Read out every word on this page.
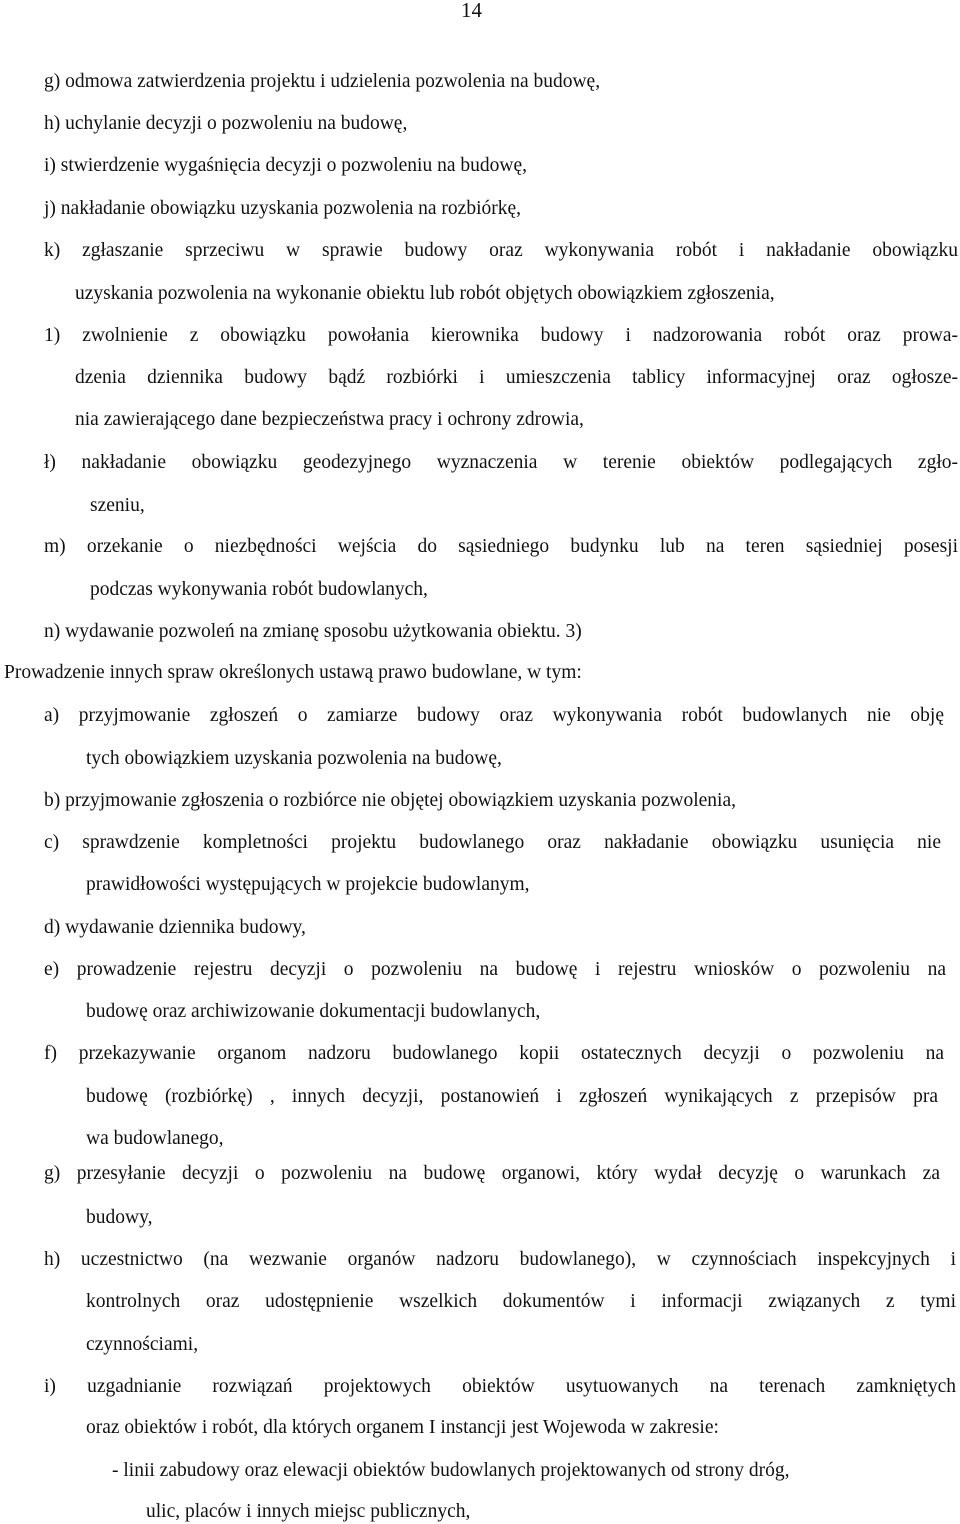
14
g) odmowa zatwierdzenia projektu i udzielenia pozwolenia na budowę,
h) uchylanie decyzji o pozwoleniu na budowę,
i) stwierdzenie wygaśnięcia decyzji o pozwoleniu na budowę,
j) nakładanie obowiązku uzyskania pozwolenia na rozbiórkę,
k) zgłaszanie sprzeciwu w sprawie budowy oraz wykonywania robót i nakładanie obowiązku
uzyskania pozwolenia na wykonanie obiektu lub robót objętych obowiązkiem zgłoszenia,
1) zwolnienie z obowiązku powołania kierownika budowy i nadzorowania robót oraz prowa-
dzenia dziennika budowy bądź rozbiórki i umieszczenia tablicy informacyjnej oraz ogłosze-
nia zawierającego dane bezpieczeństwa pracy i ochrony zdrowia,
ł) nakładanie obowiązku geodezyjnego wyznaczenia w terenie obiektów podlegających zgło-
szeniu,
m) orzekanie o niezbędności wejścia do sąsiedniego budynku lub na teren sąsiedniej posesji
podczas wykonywania robót budowlanych,
n) wydawanie pozwoleń na zmianę sposobu użytkowania obiektu. 3)
Prowadzenie innych spraw określonych ustawą prawo budowlane, w tym:
a) przyjmowanie zgłoszeń o zamiarze budowy oraz wykonywania robót budowlanych nie obję
tych obowiązkiem uzyskania pozwolenia na budowę,
b) przyjmowanie zgłoszenia o rozbiórce nie objętej obowiązkiem uzyskania pozwolenia,
c) sprawdzenie kompletności projektu budowlanego oraz nakładanie obowiązku usunięcia nie
prawidłowości występujących w projekcie budowlanym,
d) wydawanie dziennika budowy,
e) prowadzenie rejestru decyzji o pozwoleniu na budowę i rejestru wniosków o pozwoleniu na
budowę oraz archiwizowanie dokumentacji budowlanych,
f) przekazywanie organom nadzoru budowlanego kopii ostatecznych decyzji o pozwoleniu na
budowę (rozbiórkę) , innych decyzji, postanowień i zgłoszeń wynikających z przepisów pra
wa budowlanego,
g) przesyłanie decyzji o pozwoleniu na budowę organowi, który wydał decyzję o warunkach za
budowy,
h) uczestnictwo (na wezwanie organów nadzoru budowlanego), w czynnościach inspekcyjnych i
kontrolnych oraz udostępnienie wszelkich dokumentów i informacji związanych z tymi
czynnościami,
i) uzgadnianie rozwiązań projektowych obiektów usytuowanych na terenach zamkniętych
oraz obiektów i robót, dla których organem I instancji jest Wojewoda w zakresie:
- linii zabudowy oraz elewacji obiektów budowlanych projektowanych od strony dróg,
ulic, placów i innych miejsc publicznych,
